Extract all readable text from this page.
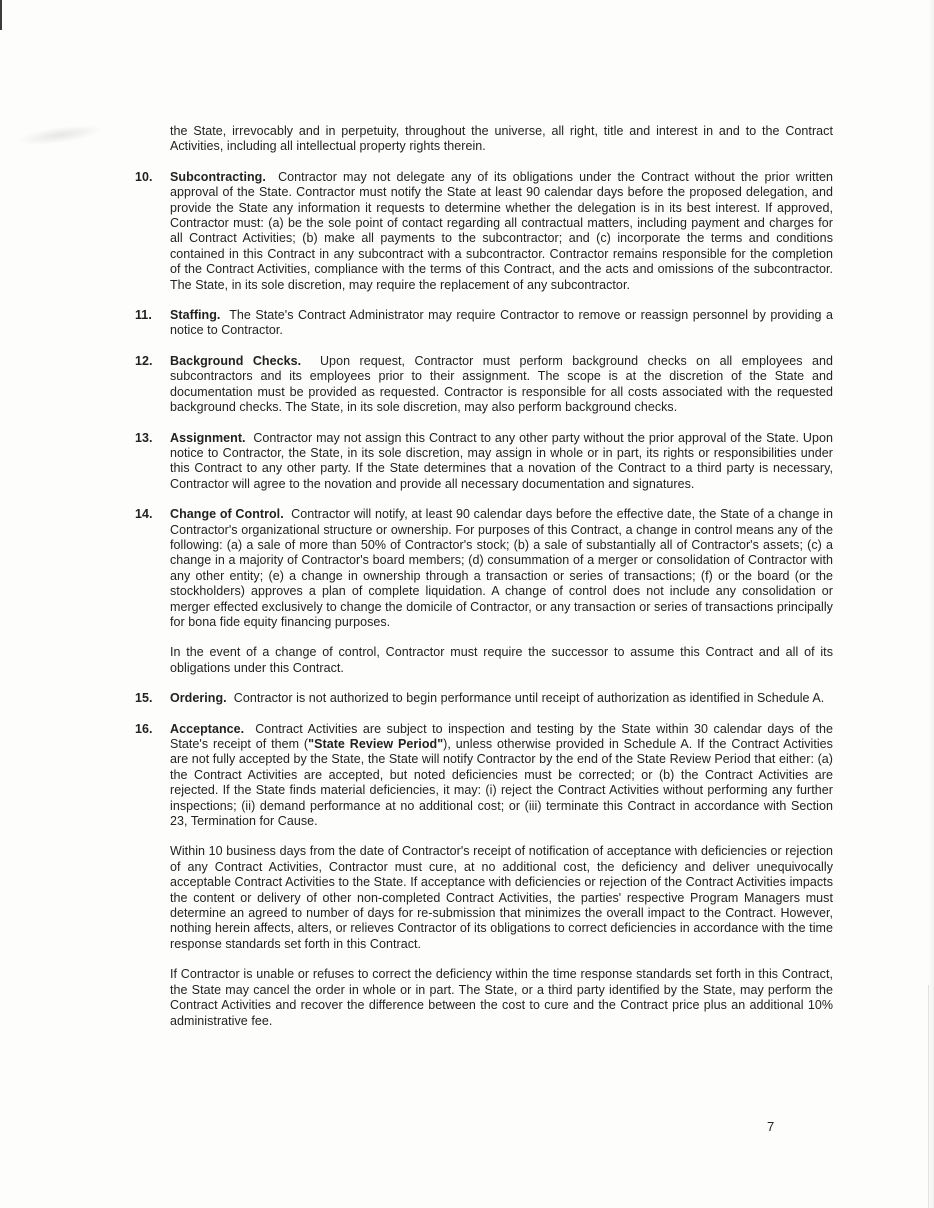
the State, irrevocably and in perpetuity, throughout the universe, all right, title and interest in and to the Contract Activities, including all intellectual property rights therein.

10.	Subcontracting. Contractor may not delegate any of its obligations under the Contract without the prior written approval of the State. Contractor must notify the State at least 90 calendar days before the proposed delegation, and provide the State any information it requests to determine whether the delegation is in its best interest. If approved, Contractor must: (a) be the sole point of contact regarding all contractual matters, including payment and charges for all Contract Activities; (b) make all payments to the subcontractor; and (c) incorporate the terms and conditions contained in this Contract in any subcontract with a subcontractor. Contractor remains responsible for the completion of the Contract Activities, compliance with the terms of this Contract, and the acts and omissions of the subcontractor. The State, in its sole discretion, may require the replacement of any subcontractor.

11.	Staffing. The State's Contract Administrator may require Contractor to remove or reassign personnel by providing a notice to Contractor.

12.	Background Checks. Upon request, Contractor must perform background checks on all employees and subcontractors and its employees prior to their assignment. The scope is at the discretion of the State and documentation must be provided as requested. Contractor is responsible for all costs associated with the requested background checks. The State, in its sole discretion, may also perform background checks.

13.	Assignment. Contractor may not assign this Contract to any other party without the prior approval of the State. Upon notice to Contractor, the State, in its sole discretion, may assign in whole or in part, its rights or responsibilities under this Contract to any other party. If the State determines that a novation of the Contract to a third party is necessary, Contractor will agree to the novation and provide all necessary documentation and signatures.

14.	Change of Control. Contractor will notify, at least 90 calendar days before the effective date, the State of a change in Contractor's organizational structure or ownership. For purposes of this Contract, a change in control means any of the following: (a) a sale of more than 50% of Contractor's stock; (b) a sale of substantially all of Contractor's assets; (c) a change in a majority of Contractor's board members; (d) consummation of a merger or consolidation of Contractor with any other entity; (e) a change in ownership through a transaction or series of transactions; (f) or the board (or the stockholders) approves a plan of complete liquidation. A change of control does not include any consolidation or merger effected exclusively to change the domicile of Contractor, or any transaction or series of transactions principally for bona fide equity financing purposes.

In the event of a change of control, Contractor must require the successor to assume this Contract and all of its obligations under this Contract.

15.	Ordering. Contractor is not authorized to begin performance until receipt of authorization as identified in Schedule A.

16.	Acceptance. Contract Activities are subject to inspection and testing by the State within 30 calendar days of the State's receipt of them ("State Review Period"), unless otherwise provided in Schedule A. If the Contract Activities are not fully accepted by the State, the State will notify Contractor by the end of the State Review Period that either: (a) the Contract Activities are accepted, but noted deficiencies must be corrected; or (b) the Contract Activities are rejected. If the State finds material deficiencies, it may: (i) reject the Contract Activities without performing any further inspections; (ii) demand performance at no additional cost; or (iii) terminate this Contract in accordance with Section 23, Termination for Cause.

Within 10 business days from the date of Contractor's receipt of notification of acceptance with deficiencies or rejection of any Contract Activities, Contractor must cure, at no additional cost, the deficiency and deliver unequivocally acceptable Contract Activities to the State. If acceptance with deficiencies or rejection of the Contract Activities impacts the content or delivery of other non-completed Contract Activities, the parties' respective Program Managers must determine an agreed to number of days for re-submission that minimizes the overall impact to the Contract. However, nothing herein affects, alters, or relieves Contractor of its obligations to correct deficiencies in accordance with the time response standards set forth in this Contract.

If Contractor is unable or refuses to correct the deficiency within the time response standards set forth in this Contract, the State may cancel the order in whole or in part. The State, or a third party identified by the State, may perform the Contract Activities and recover the difference between the cost to cure and the Contract price plus an additional 10% administrative fee.

7
